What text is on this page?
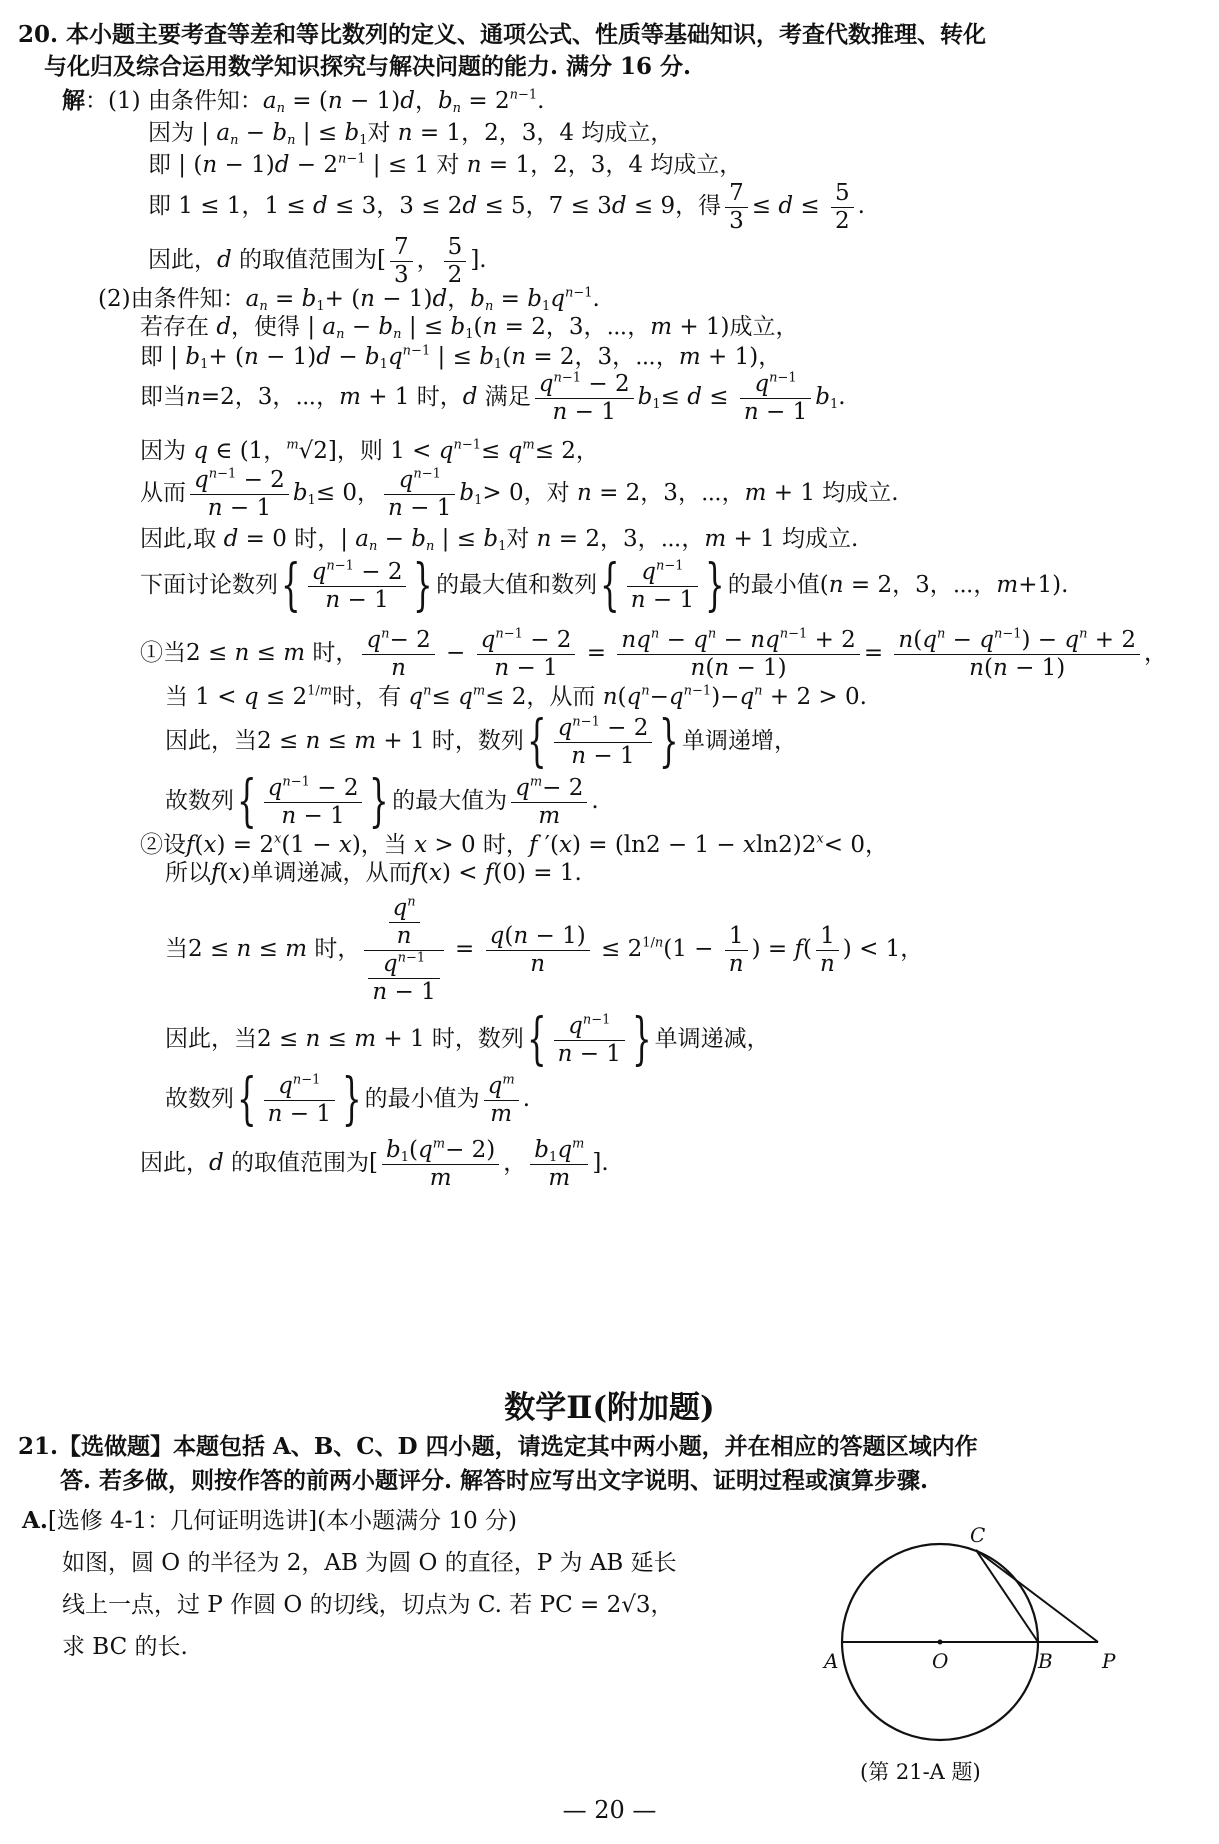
20. 本小题主要考查等差和等比数列的定义、通项公式、性质等基础知识，考查代数推理、转化
与化归及综合运用数学知识探究与解决问题的能力. 满分 16 分.
解：(1) 由条件知：$a_n = (n - 1)d$，$b_n = 2^{n-1}$.
因为 | $a_n - b_n$ | ≤ $b_1$对 n = 1，2，3，4 均成立，
即 | $(n - 1)d - 2^{n-1}$ | ≤ 1 对 n = 1，2，3，4 均成立，
即 1 ≤ 1，1 ≤ d ≤ 3，3 ≤ 2d ≤ 5，7 ≤ 3d ≤ 9，得 $\frac{7}{3} \le d \le \frac{5}{2}$ .
因此，d 的取值范围为[ $\frac{7}{3}$ ， $\frac{5}{2}$ ].
(2)由条件知：$a_n = b_1+ (n - 1)d$，$b_n = b_1q^{n-1}$.
若存在 d，使得 | $a_n - b_n$ | ≤ $b_1(n = 2$，3，⋯，m + 1)成立，
即 | $b_1+ (n - 1)d - b_1q^{n-1}$ | ≤ $b_1(n = 2$，3，⋯，m + 1)，
即当n=2，3，⋯，m + 1 时，d 满足 $\frac{q^{n-1} - 2}{n - 1} b_1\le d \le \frac{q^{n-1}}{n - 1} b_1$.
因为 q ∈ (1，$^m$√2]，则 $1 < q^{n-1}\le q^m\le 2$，
从而 $\frac{q^{n-1} - 2}{n - 1} b_1\le 0$， $\frac{q^{n-1}}{n - 1} b_1> 0$，对 n = 2，3，⋯，m + 1 均成立.
因此,取 d = 0 时，| $a_n - b_n$ | ≤ $b_1$对 n = 2，3，⋯，m + 1 均成立.
下面讨论数列{ $\frac{q^{n-1} - 2}{n - 1}$ } 的最大值和数列{ $\frac{q^{n-1}}{n - 1}$ } 的最小值(n = 2，3，⋯，m+1).
①当2 ≤ n ≤ m 时， $\frac{q^n- 2}{n} - \frac{q^{n-1} - 2}{n - 1}$ =
$nq^n - q^n - nq^{n-1} + 2$
n(n − 1)
= $\frac{n(q^n - q^{n-1}) - q^n + 2}{n(n - 1)}$ ，
当 $1 < q \le 2^{1/m}$时，有 $q^n\le q^m\le 2$，从而 $n(q^n-q^{n-1})-q^n + 2 > 0$.
因此，当2 ≤ n ≤ m + 1 时，数列{ $\frac{q^{n-1} - 2}{n - 1}$ } 单调递增，
故数列{ $\frac{q^{n-1} - 2}{n - 1}$ } 的最大值为 $\frac{q^m- 2}{m}$ .
②设$f(x) = 2^x(1 - x)$，当 x > 0 时，f $'(x) = (\ln 2 - 1 - xln2)2^x< 0$，
所以f(x)单调递减，从而f(x) < f(0) = 1.
当2 ≤ n ≤ m 时， $\frac{q^n}{n}$
$\frac{q^{n-1}}{n - 1}$
= $\frac{q(n - 1)}{n} \le 2^{1/n}(1 - \frac{1}{n}$ ) = $f( \frac{1}{n}$ ) < 1，
因此，当2 ≤ n ≤ m + 1 时，数列{ $\frac{q^{n-1}}{n - 1}$ } 单调递减，
故数列{ $\frac{q^{n-1}}{n - 1}$ } 的最小值为 $\frac{q^m}{m}$ .
因此，d 的取值范围为[ $\frac{b_1(q^m- 2)}{m}$ ， $\frac{b_1q^m}{m}$ ].
数学Ⅱ(附加题)
21.【选做题】本题包括 A、B、C、D 四小题，请选定其中两小题，并在相应的答题区域内作
答. 若多做，则按作答的前两小题评分. 解答时应写出文字说明、证明过程或演算步骤.
A.[选修 4-1：几何证明选讲](本小题满分 10 分)
如图，圆 O 的半径为 2，AB 为圆 O 的直径，P 为 AB 延长
线上一点，过 P 作圆 O 的切线，切点为 C. 若 PC = 2√3，
求 BC 的长.
A	O	B P
C
(第 21-A 题)
— 20 —
